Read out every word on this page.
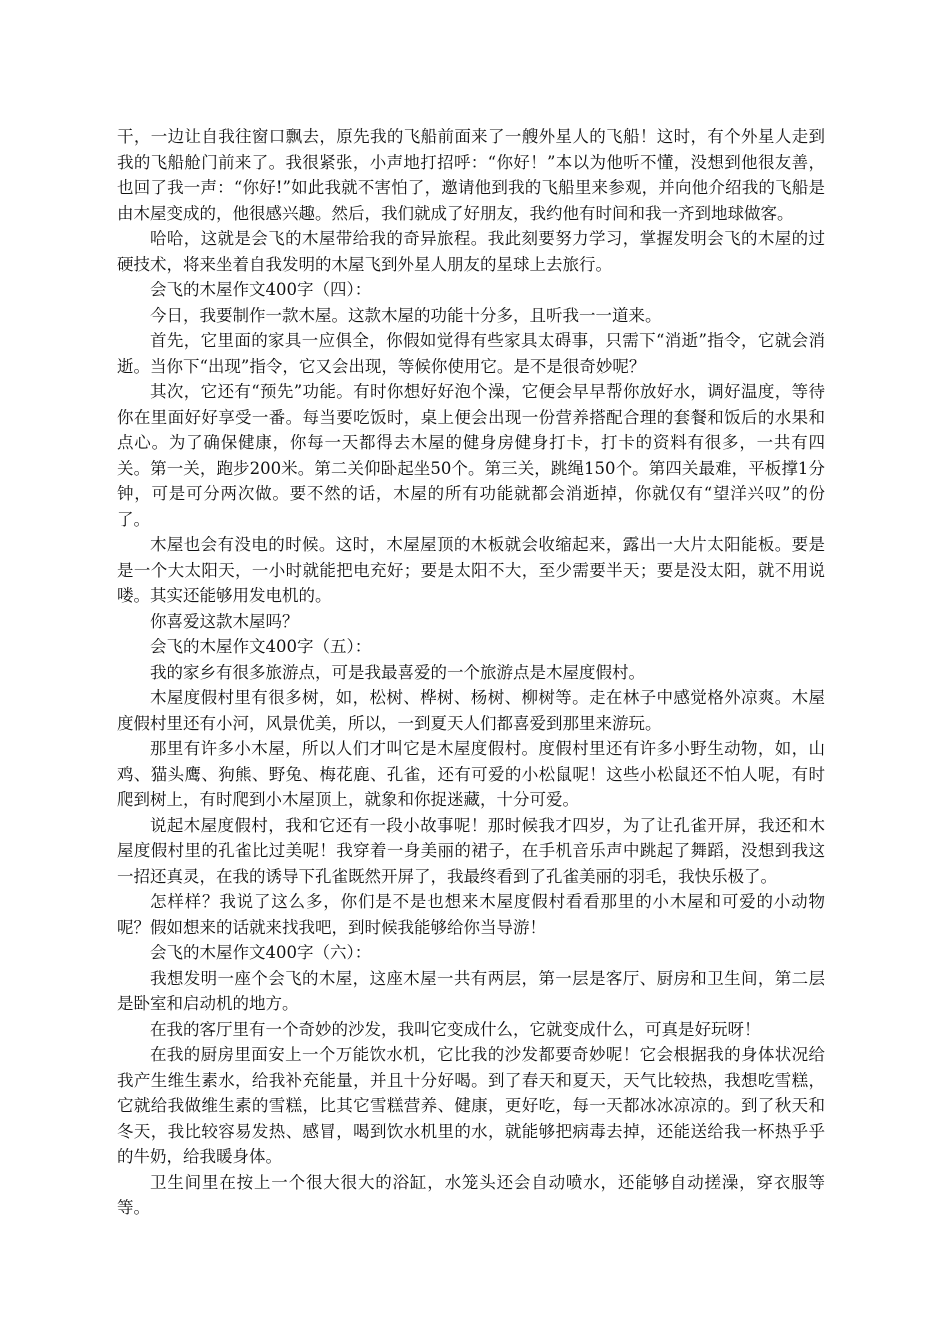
干，一边让自我往窗口飘去，原先我的飞船前面来了一艘外星人的飞船！这时，有个外星人走到我的飞船舱门前来了。我很紧张，小声地打招呼：“你好！”本以为他听不懂，没想到他很友善，也回了我一声：“你好!”如此我就不害怕了，邀请他到我的飞船里来参观，并向他介绍我的飞船是由木屋变成的，他很感兴趣。然后，我们就成了好朋友，我约他有时间和我一齐到地球做客。

哈哈，这就是会飞的木屋带给我的奇异旅程。我此刻要努力学习，掌握发明会飞的木屋的过硬技术，将来坐着自我发明的木屋飞到外星人朋友的星球上去旅行。

会飞的木屋作文400字（四）：

今日，我要制作一款木屋。这款木屋的功能十分多，且听我一一道来。

首先，它里面的家具一应俱全，你假如觉得有些家具太碍事，只需下“消逝”指令，它就会消逝。当你下“出现”指令，它又会出现，等候你使用它。是不是很奇妙呢？

其次，它还有“预先”功能。有时你想好好泡个澡，它便会早早帮你放好水，调好温度，等待你在里面好好享受一番。每当要吃饭时，桌上便会出现一份营养搭配合理的套餐和饭后的水果和点心。为了确保健康，你每一天都得去木屋的健身房健身打卡，打卡的资料有很多，一共有四关。第一关，跑步200米。第二关仰卧起坐50个。第三关，跳绳150个。第四关最难，平板撑1分钟，可是可分两次做。要不然的话，木屋的所有功能就都会消逝掉，你就仅有“望洋兴叹”的份了。

木屋也会有没电的时候。这时，木屋屋顶的木板就会收缩起来，露出一大片太阳能板。要是是一个大太阳天，一小时就能把电充好；要是太阳不大，至少需要半天；要是没太阳，就不用说喽。其实还能够用发电机的。

你喜爱这款木屋吗？

会飞的木屋作文400字（五）：

我的家乡有很多旅游点，可是我最喜爱的一个旅游点是木屋度假村。

木屋度假村里有很多树，如，松树、桦树、杨树、柳树等。走在林子中感觉格外凉爽。木屋度假村里还有小河，风景优美，所以，一到夏天人们都喜爱到那里来游玩。

那里有许多小木屋，所以人们才叫它是木屋度假村。度假村里还有许多小野生动物，如，山鸡、猫头鹰、狗熊、野兔、梅花鹿、孔雀，还有可爱的小松鼠呢！这些小松鼠还不怕人呢，有时爬到树上，有时爬到小木屋顶上，就象和你捉迷藏，十分可爱。

说起木屋度假村，我和它还有一段小故事呢！那时候我才四岁，为了让孔雀开屏，我还和木屋度假村里的孔雀比过美呢！我穿着一身美丽的裙子，在手机音乐声中跳起了舞蹈，没想到我这一招还真灵，在我的诱导下孔雀既然开屏了，我最终看到了孔雀美丽的羽毛，我快乐极了。

怎样样？我说了这么多，你们是不是也想来木屋度假村看看那里的小木屋和可爱的小动物呢？假如想来的话就来找我吧，到时候我能够给你当导游！

会飞的木屋作文400字（六）：

我想发明一座个会飞的木屋，这座木屋一共有两层，第一层是客厅、厨房和卫生间，第二层是卧室和启动机的地方。

在我的客厅里有一个奇妙的沙发，我叫它变成什么，它就变成什么，可真是好玩呀！

在我的厨房里面安上一个万能饮水机，它比我的沙发都要奇妙呢！它会根据我的身体状况给我产生维生素水，给我补充能量，并且十分好喝。到了春天和夏天，天气比较热，我想吃雪糕，它就给我做维生素的雪糕，比其它雪糕营养、健康，更好吃，每一天都冰冰凉凉的。到了秋天和冬天，我比较容易发热、感冒，喝到饮水机里的水，就能够把病毒去掉，还能送给我一杯热乎乎的牛奶，给我暖身体。

卫生间里在按上一个很大很大的浴缸，水笼头还会自动喷水，还能够自动搓澡，穿衣服等等。
